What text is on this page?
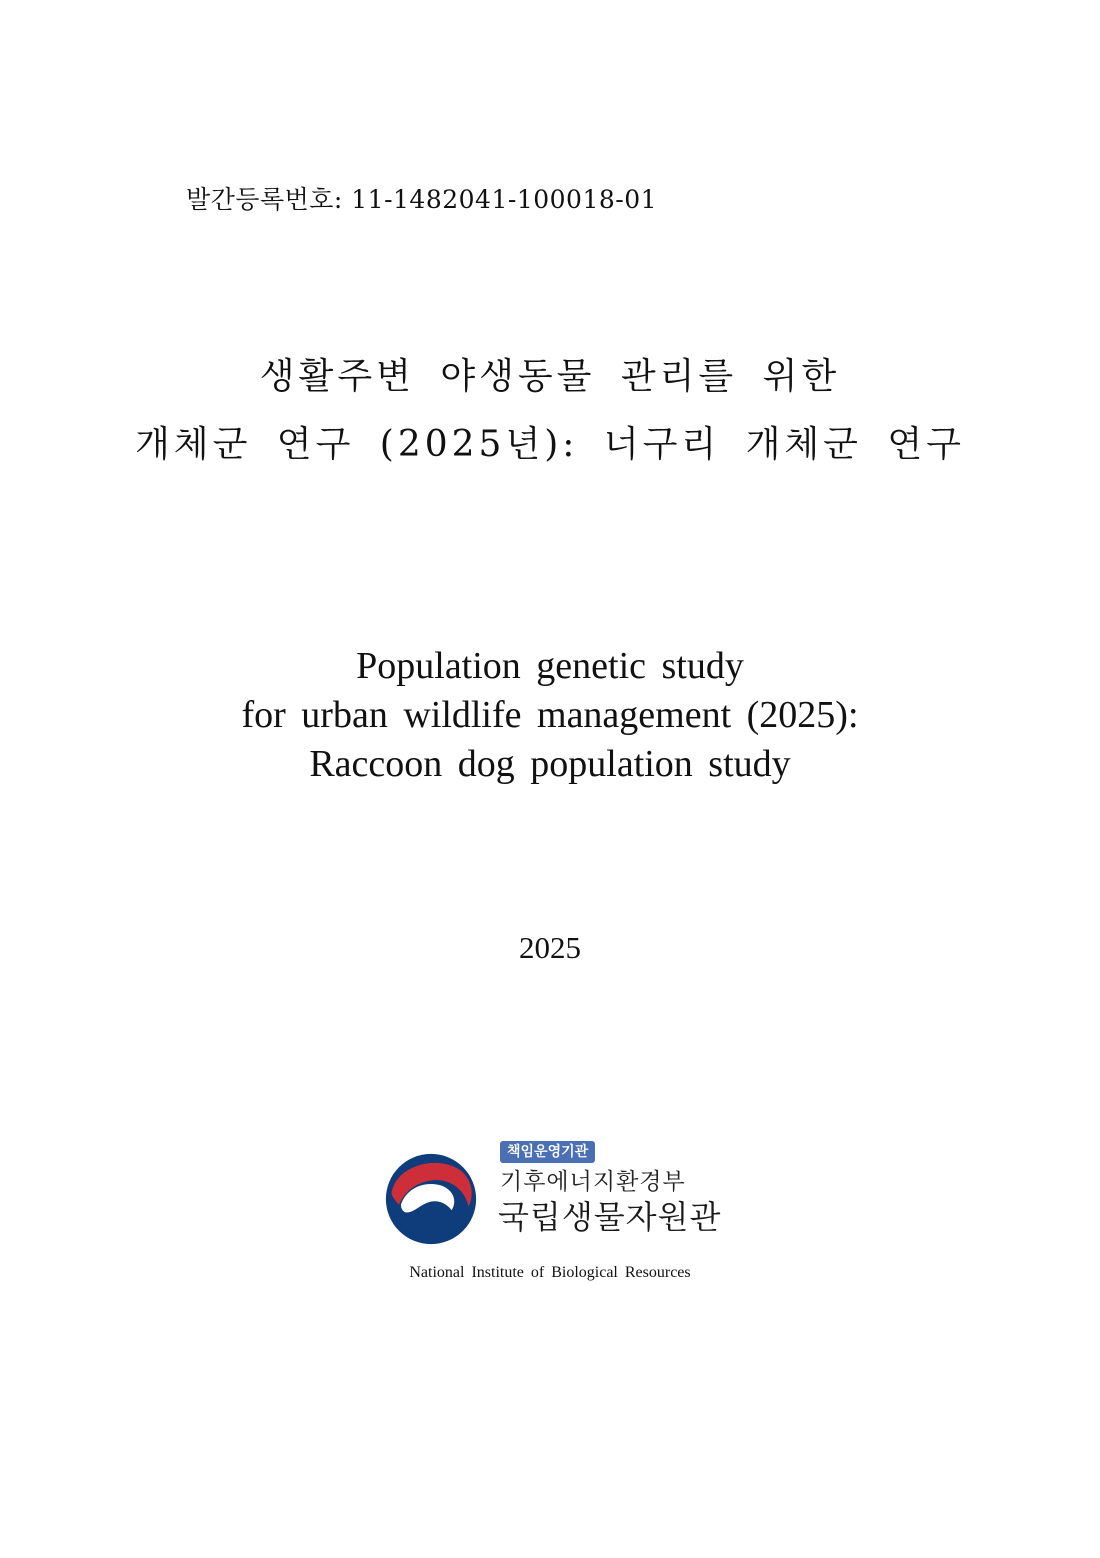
발간등록번호: 11-1482041-100018-01
생활주변 야생동물 관리를 위한
개체군 연구 (2025년): 너구리 개체군 연구
Population genetic study
for urban wildlife management (2025):
Raccoon dog population study
2025
책임운영기관
기후에너지환경부
국립생물자원관
National Institute of Biological Resources
